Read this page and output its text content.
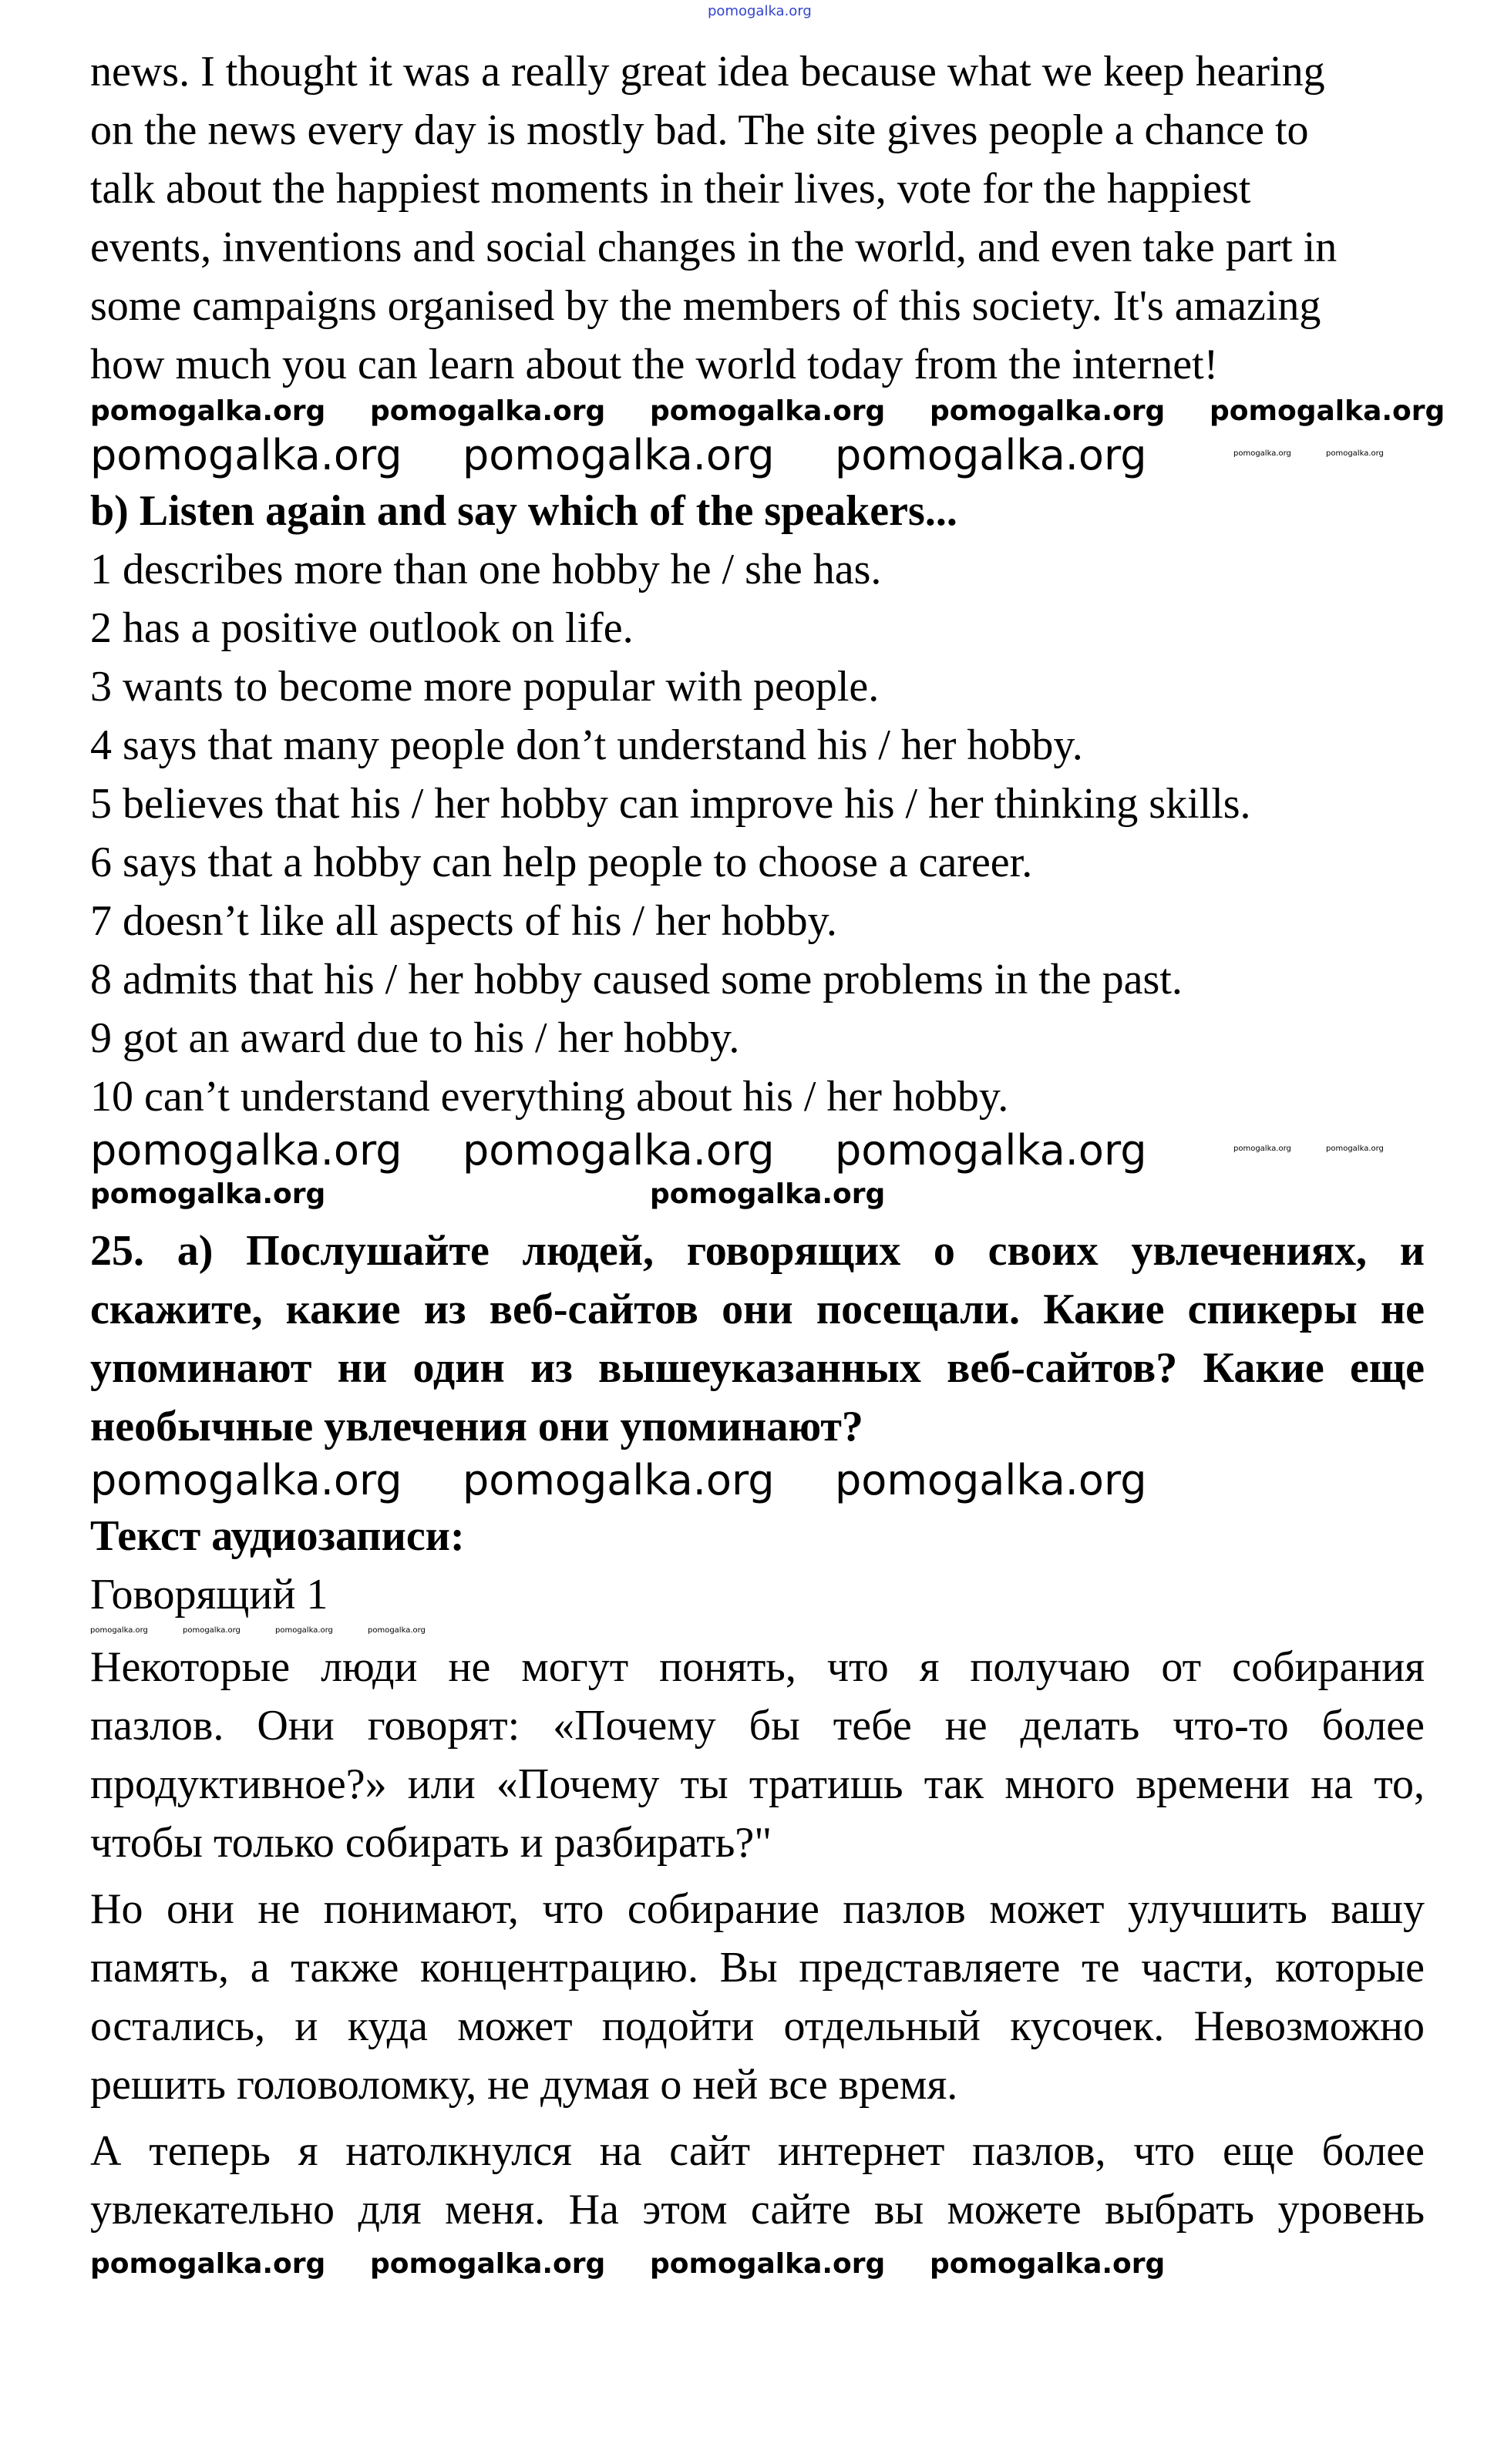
news. I thought it was a really great idea because what we keep hearing
on the news every day is mostly bad. The site gives people a chance to
talk about the happiest moments in their lives, vote for the happiest
events, inventions and social changes in the world, and even take part in
some campaigns organised by the members of this society. It's amazing
how much you can learn about the world today from the internet!
b) Listen again and say which of the speakers...
1 describes more than one hobby he / she has.
2 has a positive outlook on life.
3 wants to become more popular with people.
4 says that many people don’t understand his / her hobby.
5 believes that his / her hobby can improve his / her thinking skills.
6 says that a hobby can help people to choose a career.
7 doesn’t like all aspects of his / her hobby.
8 admits that his / her hobby caused some problems in the past.
9 got an award due to his / her hobby.
10 can’t understand everything about his / her hobby.
25. а) Послушайте людей, говорящих о своих увлечениях, и
скажите, какие из веб-сайтов они посещали. Какие спикеры не
упоминают ни один из вышеуказанных веб-сайтов? Какие еще
необычные увлечения они упоминают?
Текст аудиозаписи:
Говорящий 1
Некоторые люди не могут понять, что я получаю от собирания
пазлов. Они говорят: «Почему бы тебе не делать что-то более
продуктивное?» или «Почему ты тратишь так много времени на то,
чтобы только собирать и разбирать?"
Но они не понимают, что собирание пазлов может улучшить вашу
память, а также концентрацию. Вы представляете те части, которые
остались, и куда может подойти отдельный кусочек. Невозможно
решить головоломку, не думая о ней все время.
А теперь я натолкнулся на сайт интернет пазлов, что еще более
увлекательно для меня. На этом сайте вы можете выбрать уровень
pomogalka.org
pomogalka.org pomogalka.org pomogalka.org pomogalka.org pomogalka.org
pomogalka.org pomogalka.org pomogalka.org	pomogalka.org	pomogalka.org
pomogalka.org pomogalka.org pomogalka.org	pomogalka.org	pomogalka.org
pomogalka.org	pomogalka.org
pomogalka.org pomogalka.org pomogalka.org
pomogalka.org	pomogalka.org	pomogalka.org	pomogalka.org
pomogalka.org pomogalka.org pomogalka.org pomogalka.org
